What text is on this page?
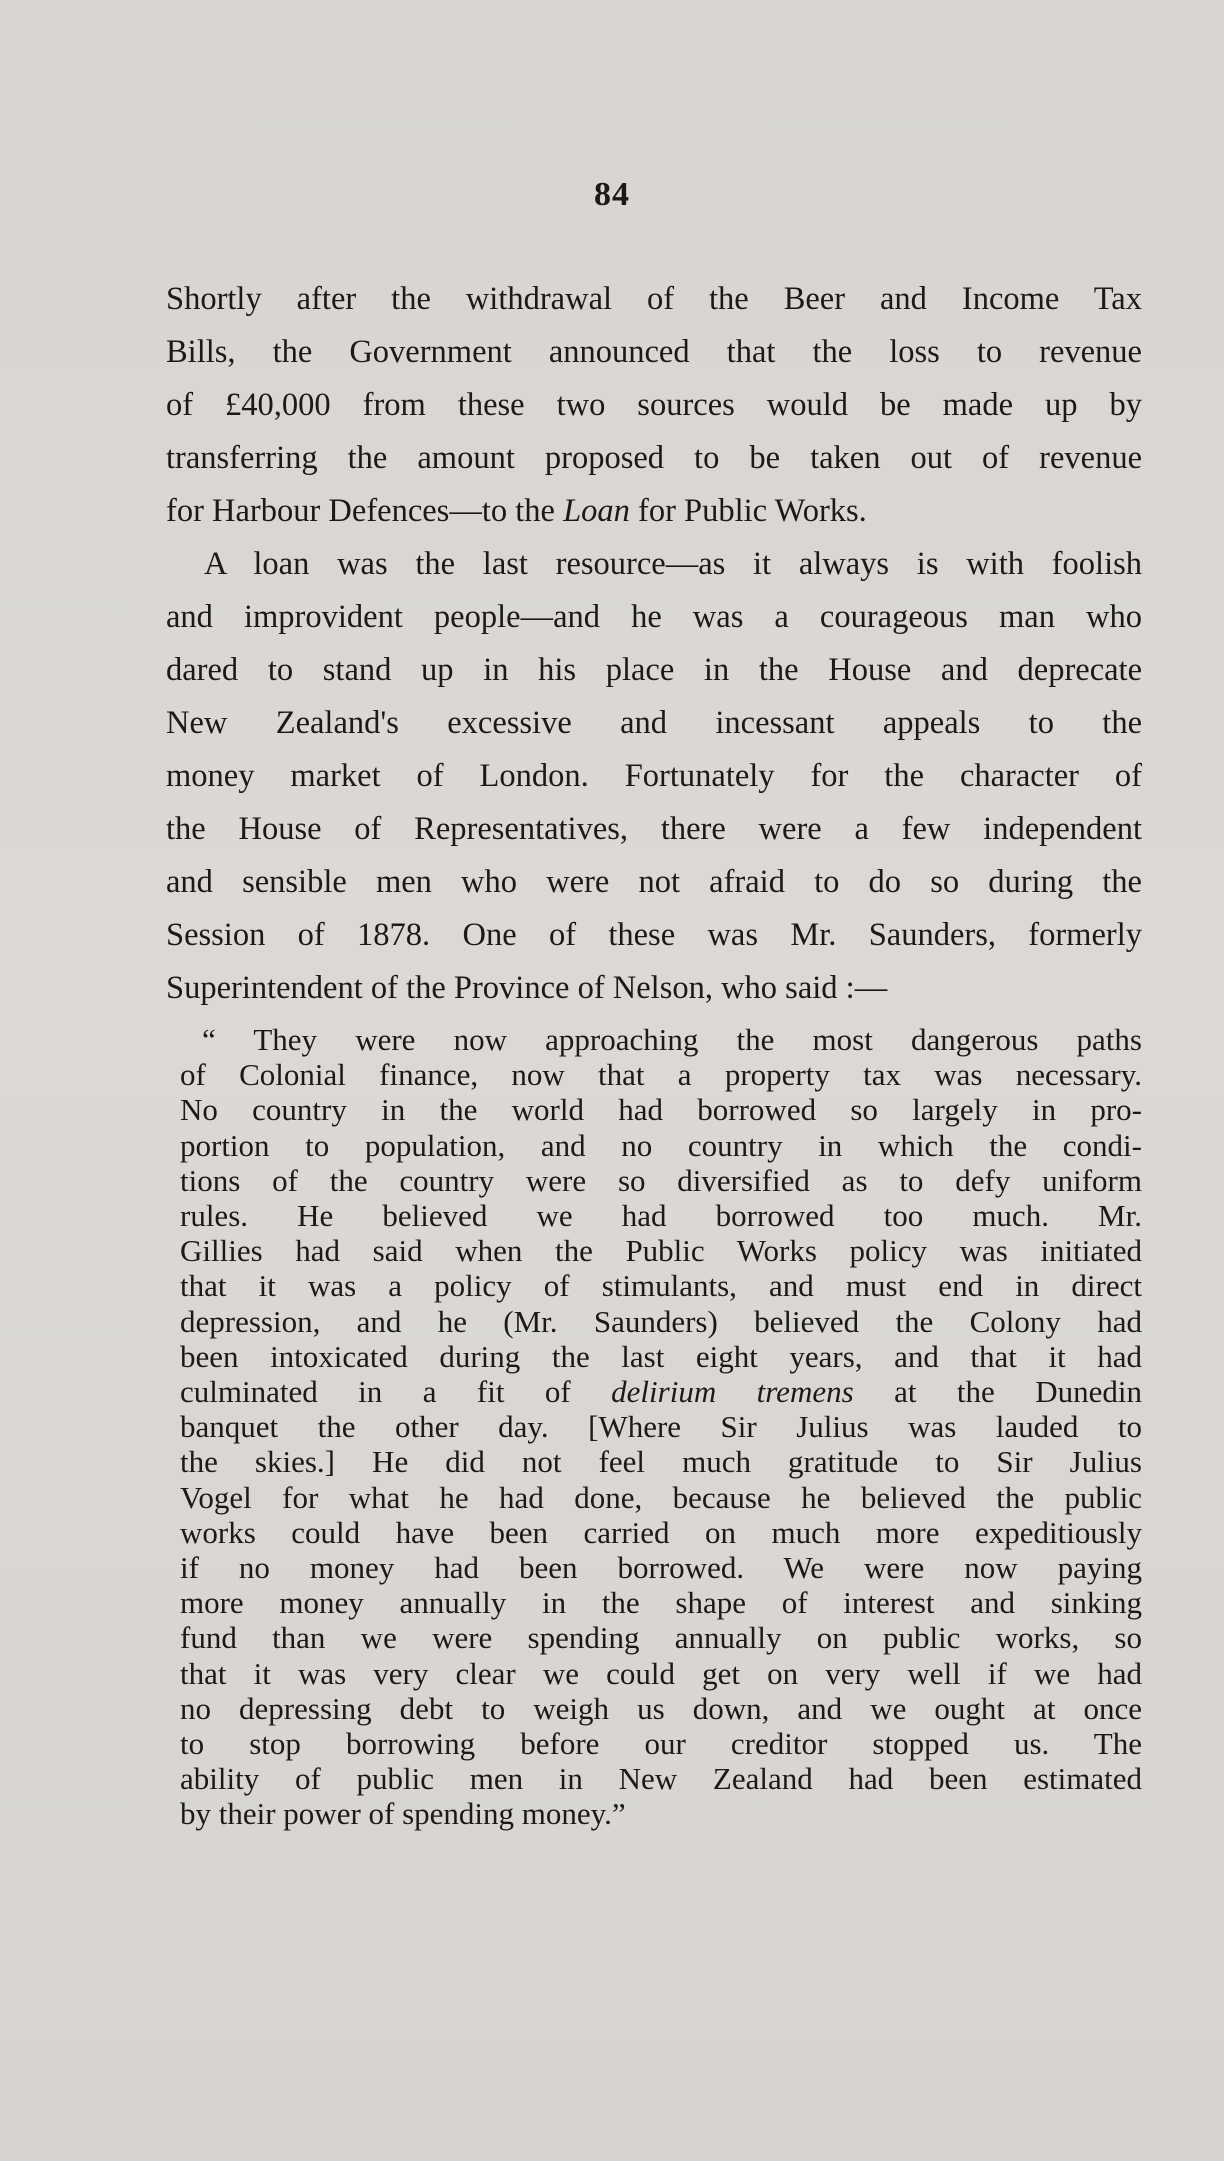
84

Shortly after the withdrawal of the Beer and Income Tax
Bills, the Government announced that the loss to revenue
of £40,000 from these two sources would be made up by
transferring the amount proposed to be taken out of revenue
for Harbour Defences—to the Loan for Public Works.

A loan was the last resource—as it always is with foolish
and improvident people—and he was a courageous man who
dared to stand up in his place in the House and deprecate
New Zealand's excessive and incessant appeals to the
money market of London. Fortunately for the character of
the House of Representatives, there were a few independent
and sensible men who were not afraid to do so during the
Session of 1878. One of these was Mr. Saunders, formerly
Superintendent of the Province of Nelson, who said :—

“ They were now approaching the most dangerous paths
of Colonial finance, now that a property tax was necessary.
No country in the world had borrowed so largely in pro-
portion to population, and no country in which the condi-
tions of the country were so diversified as to defy uniform
rules. He believed we had borrowed too much. Mr.
Gillies had said when the Public Works policy was initiated
that it was a policy of stimulants, and must end in direct
depression, and he (Mr. Saunders) believed the Colony had
been intoxicated during the last eight years, and that it had
culminated in a fit of delirium tremens at the Dunedin
banquet the other day. [Where Sir Julius was lauded to
the skies.] He did not feel much gratitude to Sir Julius
Vogel for what he had done, because he believed the public
works could have been carried on much more expeditiously
if no money had been borrowed. We were now paying
more money annually in the shape of interest and sinking
fund than we were spending annually on public works, so
that it was very clear we could get on very well if we had
no depressing debt to weigh us down, and we ought at once
to stop borrowing before our creditor stopped us. The
ability of public men in New Zealand had been estimated
by their power of spending money.”
